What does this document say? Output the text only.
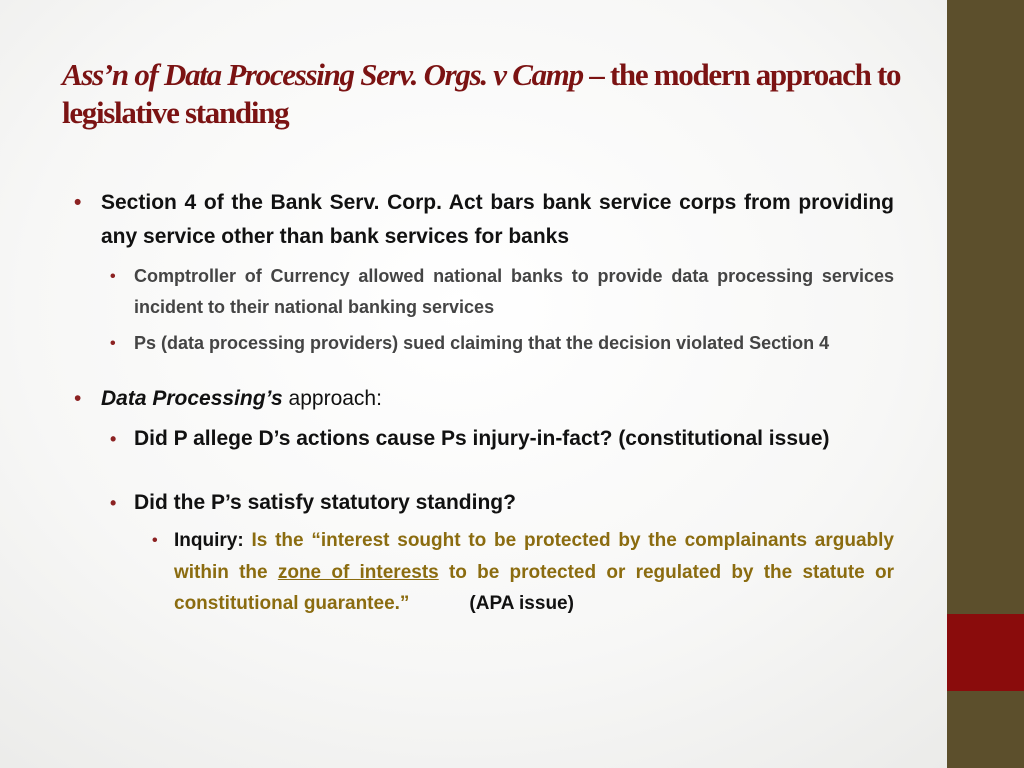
Ass’n of Data Processing Serv. Orgs. v Camp – the modern approach to legislative standing
• Section 4 of the Bank Serv. Corp. Act bars bank service corps from providing any service other than bank services for banks
• Comptroller of Currency allowed national banks to provide data processing services incident to their national banking services
• Ps (data processing providers) sued claiming that the decision violated Section 4
• Data Processing’s approach:
• Did P allege D’s actions cause Ps injury-in-fact? (constitutional issue)
• Did the P’s satisfy statutory standing?
• Inquiry: Is the “interest sought to be protected by the complainants arguably within the zone of interests to be protected or regulated by the statute or constitutional guarantee.”	(APA issue)
